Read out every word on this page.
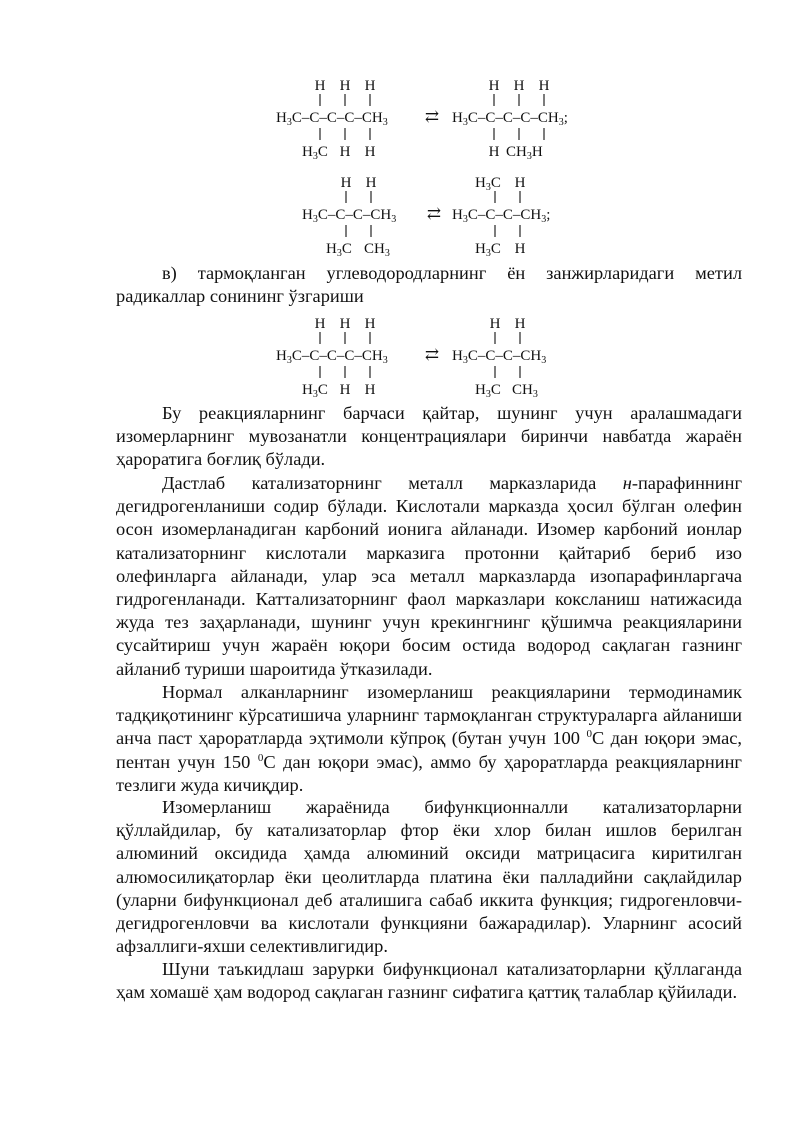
H H H
$H_3C-C-C-C-CH_3$
$H_3C$ H H
⇄
H H H
$H_3C-C-C-C-CH_3$;
H $CH_3H$
H H
$H_3C-C-C-CH_3$
$H_3C$ $CH_3$
⇄
$H_3C$ H
$H_3C-C-C-CH_3$;
$H_3C$ H

в) тармоқланган углеводородларнинг ён занжирларидаги метил радикаллар сонининг ўзгариши

H H H
$H_3C-C-C-C-CH_3$
$H_3C$ H H
⇄
H H
$H_3C-C-C-CH_3$
$H_3C$ $CH_3$

Бу реакцияларнинг барчаси қайтар, шунинг учун аралашмадаги изомерларнинг мувозанатли концентрациялари биринчи навбатда жараён ҳароратига боғлиқ бўлади.

Дастлаб катализаторнинг металл марказларида н-парафиннинг дегидрогенланиши содир бўлади. Кислотали марказда ҳосил бўлган олефин осон изомерланадиган карбоний ионига айланади. Изомер карбоний ионлар катализаторнинг кислотали марказига протонни қайтариб бериб изо олефинларга айланади, улар эса металл марказларда изопарафинларгача гидрогенланади. Каттализаторнинг фаол марказлари коксланиш натижасида жуда тез заҳарланади, шунинг учун крекингнинг қўшимча реакцияларини сусайтириш учун жараён юқори босим остида водород сақлаган газнинг айланиб туриши шароитида ўтказилади.

Нормал алканларнинг изомерланиш реакцияларини термодинамик тадқиқотининг кўрсатишича уларнинг тармоқланган структураларга айланиши анча паст ҳароратларда эҳтимоли кўпроқ (бутан учун 100 $^0$С дан юқори эмас, пентан учун 150 $^0$С дан юқори эмас), аммо бу ҳароратларда реакцияларнинг тезлиги жуда кичиқдир.

Изомерланиш жараёнида бифункционналли катализаторларни қўллайдилар, бу катализаторлар фтор ёки хлор билан ишлов берилган алюминий оксидида ҳамда алюминий оксиди матрицасига киритилган алюмосилиқаторлар ёки цеолитларда платина ёки палладийни сақлайдилар (уларни бифункционал деб аталишига сабаб иккита функция; гидрогенловчи-дегидрогенловчи ва кислотали функцияни бажарадилар). Уларнинг асосий афзаллиги-яхши селективлигидир.

Шуни таъкидлаш зарурки бифункционал катализаторларни қўллаганда ҳам хомашё ҳам водород сақлаган газнинг сифатига қаттиқ талаблар қўйилади.
